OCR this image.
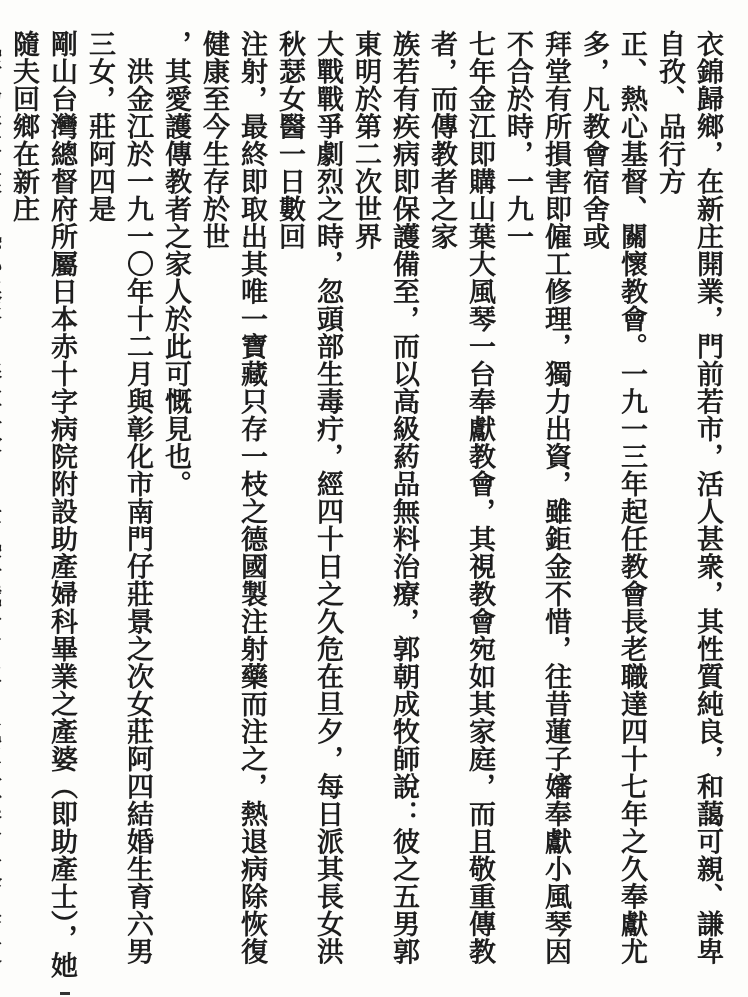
衣錦歸鄉，在新庄開業，門前若市，活人甚衆，其性質純良，和藹可親、謙卑自孜、品行方
正、熱心基督、關懷教會。一九一三年起任教會長老職達四十七年之久奉獻尤多，凡教會宿舍或
拜堂有所損害即僱工修理，獨力出資，雖鉅金不惜，往昔蓮子嬸奉獻小風琴因不合於時，一九一
七年金江即購山葉大風琴一台奉獻教會，其視教會宛如其家庭，而且敬重傳教者，而傳教者之家
族若有疾病即保護備至，而以高級葯品無料治療，郭朝成牧師說：彼之五男郭東明於第二次世界
大戰戰爭劇烈之時，忽頭部生毒疔，經四十日之久危在旦夕，每日派其長女洪秋瑟女醫一日數回
注射，最終即取出其唯一寶藏只存一枝之德國製注射藥而注之，熱退病除恢復健康至今生存於世
，其愛護傳教者之家人於此可慨見也。

　洪金江於一九一〇年十二月與彰化市南門仔莊景之次女莊阿四結婚生育六男三女，莊阿四是
剛山台灣總督府所屬日本赤十字病院附設助產婦科畢業之產婆（即助產士），她隨夫回鄉在新庄
